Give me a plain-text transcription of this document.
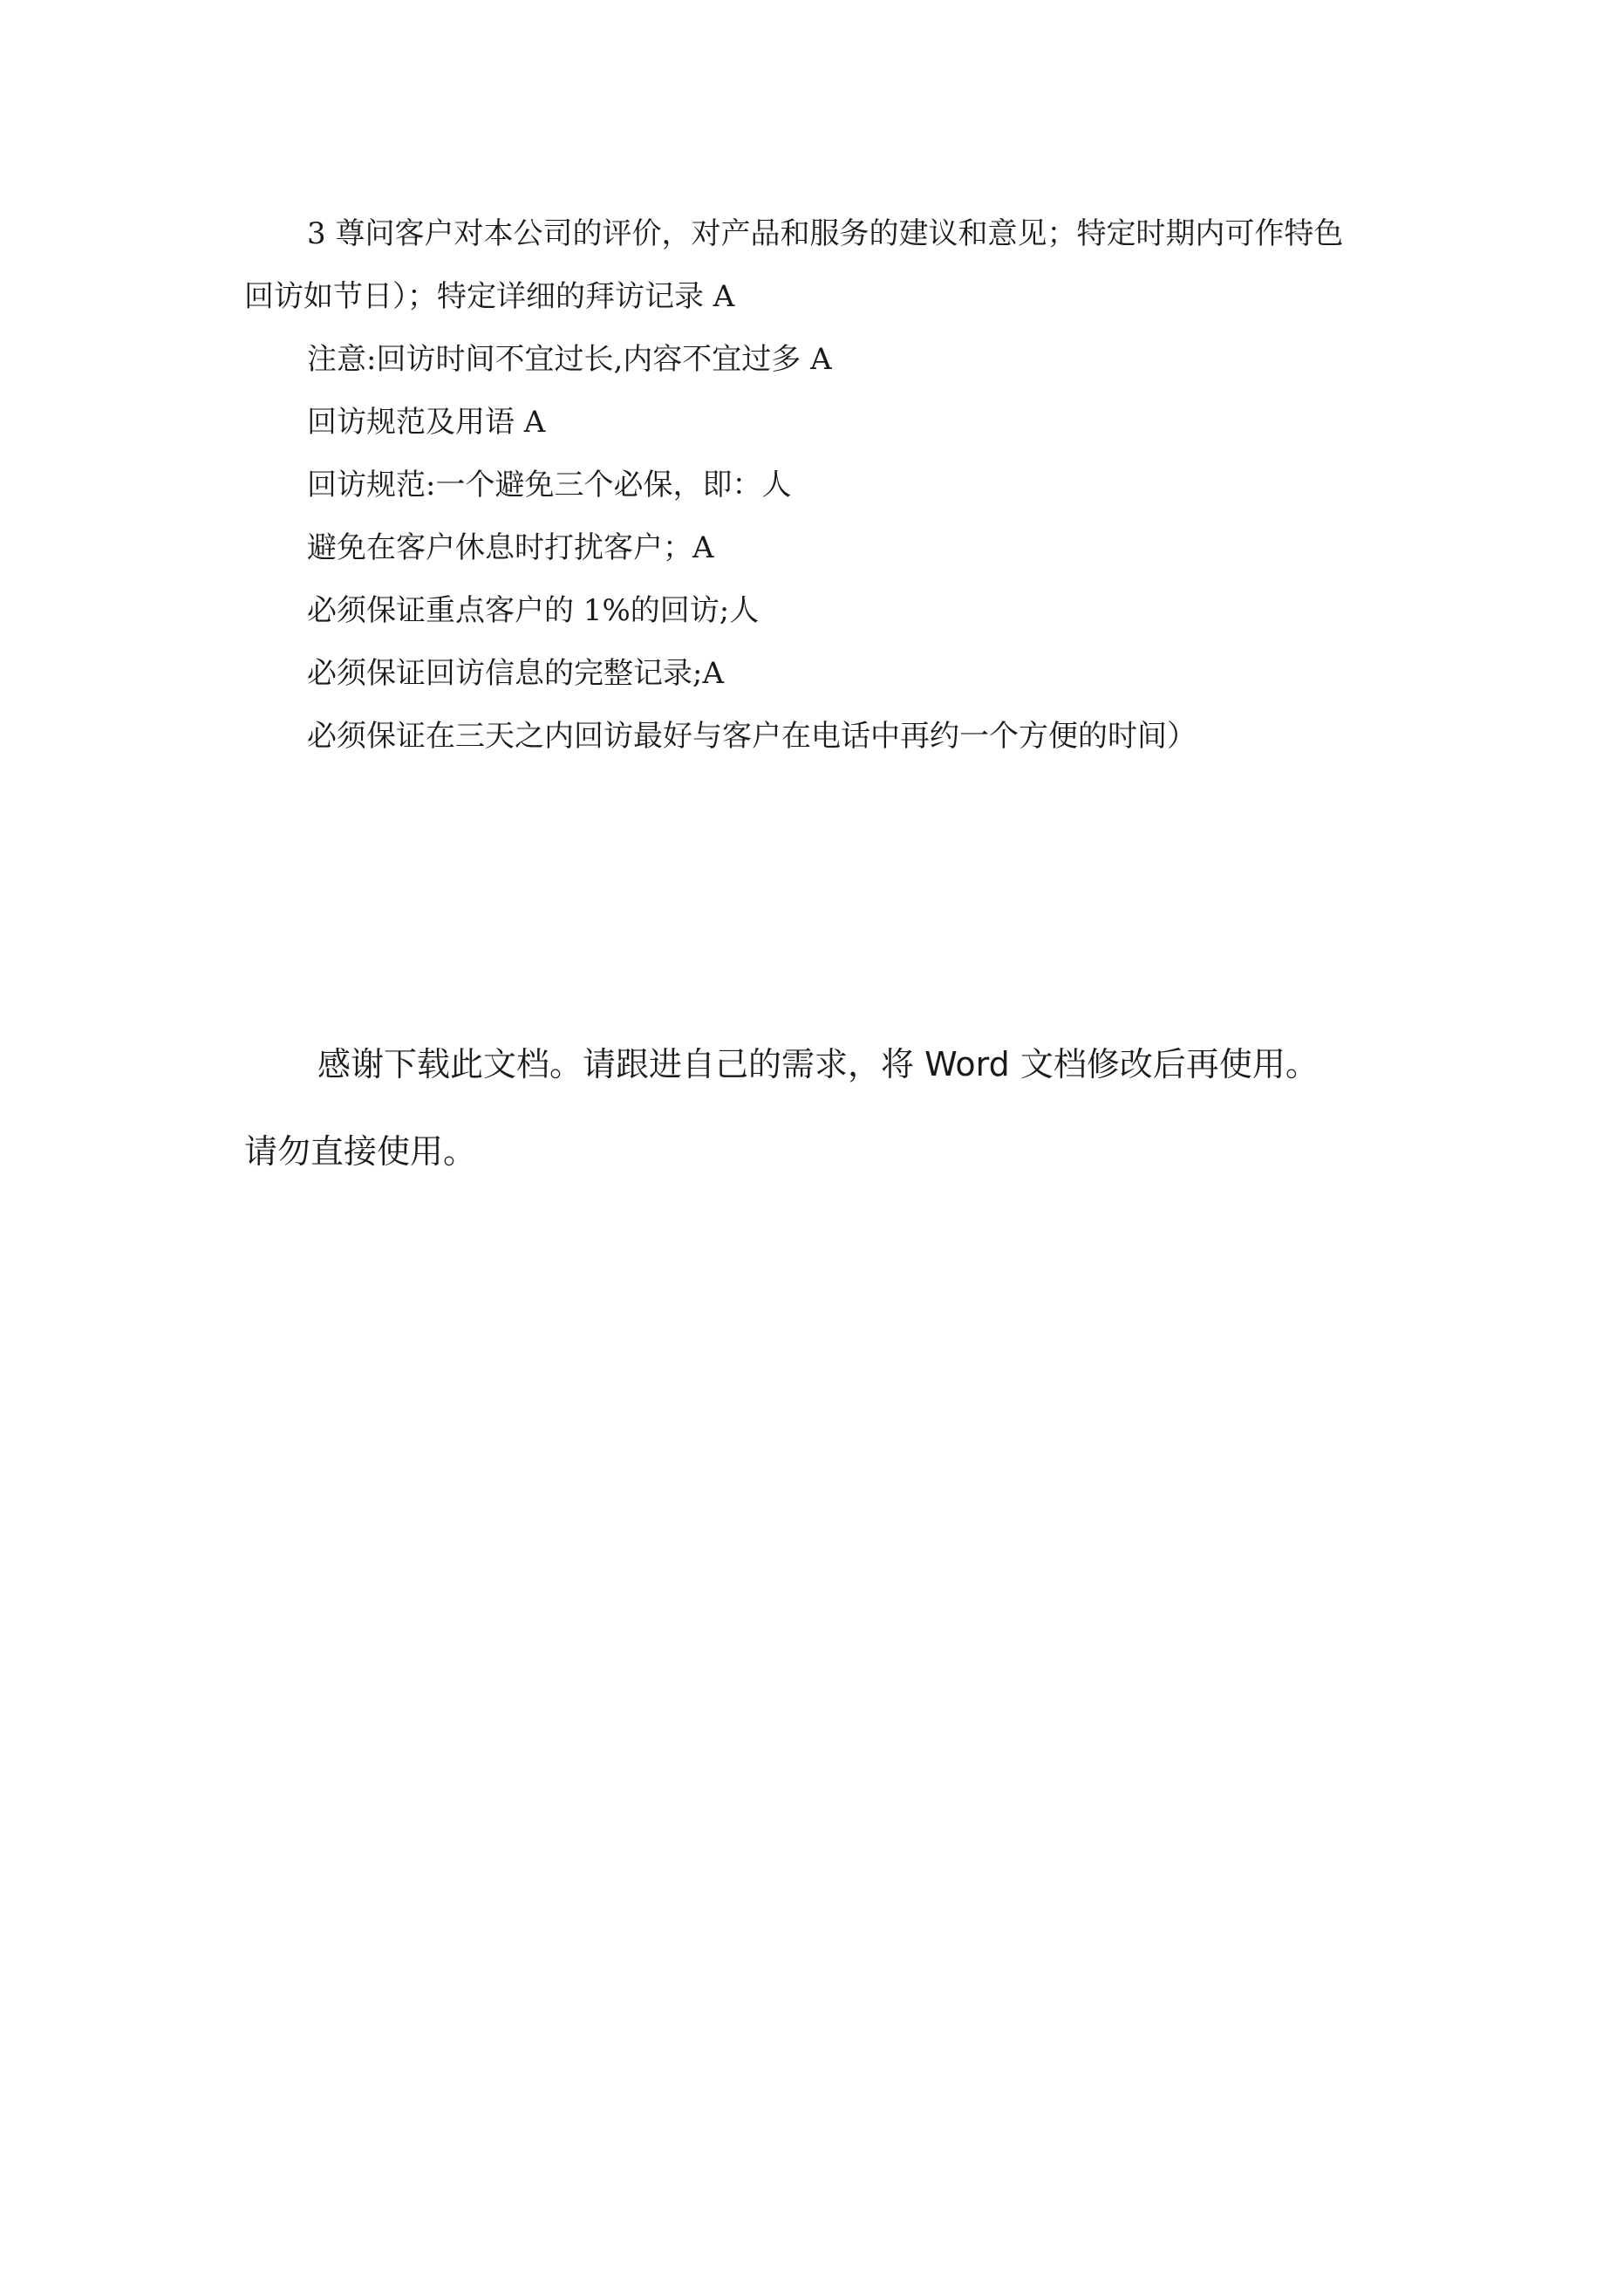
3 尊问客户对本公司的评价，对产品和服务的建议和意见；特定时期内可作特色

回访如节日）；特定详细的拜访记录 A

注意:回访时间不宜过长,内容不宜过多 A

回访规范及用语 A

回访规范:一个避免三个必保，即：人

避免在客户休息时打扰客户；A

必须保证重点客户的 1%的回访;人

必须保证回访信息的完整记录;A

必须保证在三天之内回访最好与客户在电话中再约一个方便的时间）

感谢下载此文档。请跟进自己的需求，将 Word 文档修改后再使用。
请勿直接使用。
